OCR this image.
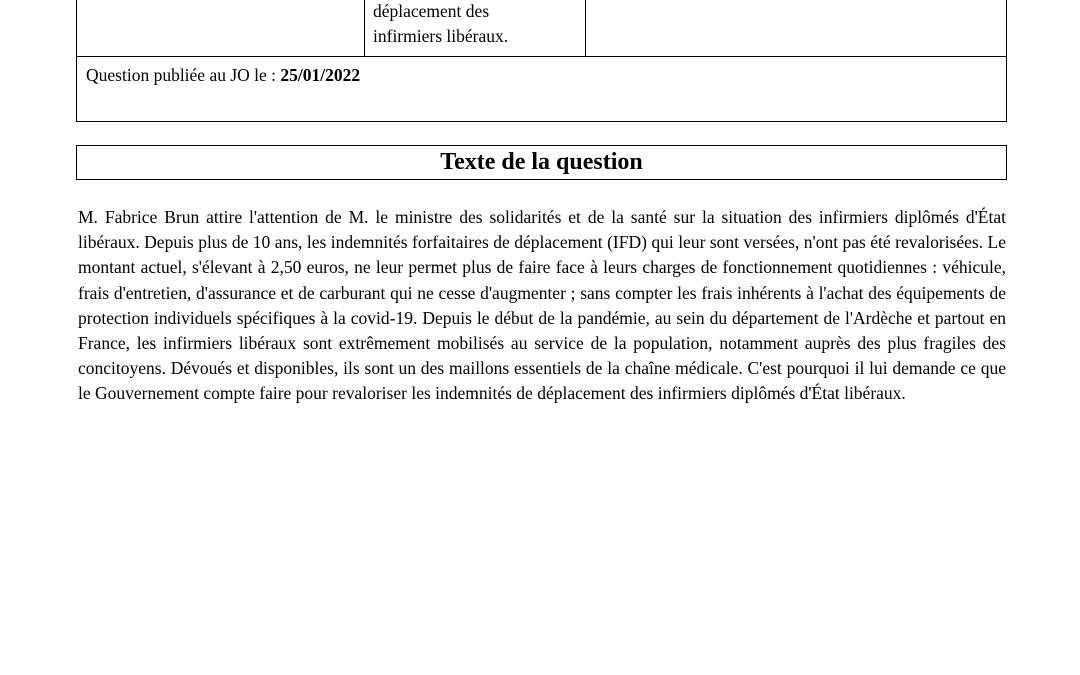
déplacement des
infirmiers libéraux.
Question publiée au JO le : 25/01/2022
Texte de la question
M. Fabrice Brun attire l'attention de M. le ministre des solidarités et de la santé sur la situation des infirmiers diplômés d'État libéraux. Depuis plus de 10 ans, les indemnités forfaitaires de déplacement (IFD) qui leur sont versées, n'ont pas été revalorisées. Le montant actuel, s'élevant à 2,50 euros, ne leur permet plus de faire face à leurs charges de fonctionnement quotidiennes : véhicule, frais d'entretien, d'assurance et de carburant qui ne cesse d'augmenter ; sans compter les frais inhérents à l'achat des équipements de protection individuels spécifiques à la covid-19. Depuis le début de la pandémie, au sein du département de l'Ardèche et partout en France, les infirmiers libéraux sont extrêmement mobilisés au service de la population, notamment auprès des plus fragiles des concitoyens. Dévoués et disponibles, ils sont un des maillons essentiels de la chaîne médicale. C'est pourquoi il lui demande ce que le Gouvernement compte faire pour revaloriser les indemnités de déplacement des infirmiers diplômés d'État libéraux.
